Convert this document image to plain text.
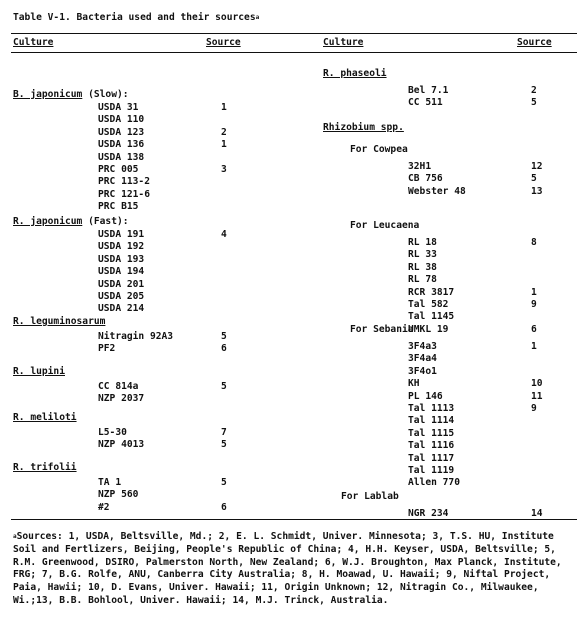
Table V-1. Bacteria used and their sources$^a$
Culture	Source	Culture	Source
B. japonicum (Slow):
USDA 31	1
USDA 110
USDA 123	2
USDA 136	1
USDA 138
PRC 005	3
PRC 113-2
PRC 121-6
PRC B15
R. japonicum (Fast):
USDA 191	4
USDA 192
USDA 193
USDA 194
USDA 201
USDA 205
USDA 214
R. leguminosarum
Nitragin 92A3	5
PF2	6
R. lupini
CC 814a	5
NZP 2037
R. meliloti
L5-30	7
NZP 4013	5
R. trifolii
TA 1	5
NZP 560
#2	6
R. phaseoli
Bel 7.1	2
CC 511	5
Rhizobium spp.
For Cowpea
32H1	12
CB 756	5
Webster 48	13
For Leucaena
RL 18	8
RL 33
RL 38
RL 78
RCR 3817	1
Tal 582	9
Tal 1145
UMKL 19	6
For Sebania
3F4a3	1
3F4a4
3F4o1
KH	10
PL 146	11
Tal 1113	9
Tal 1114
Tal 1115
Tal 1116
Tal 1117
Tal 1119
Allen 770
For Lablab
NGR 234	14
$^a$Sources: 1, USDA, Beltsville, Md.; 2, E. L. Schmidt, Univer. Minnesota; 3, T.S. HU, Institute Soil and Fertlizers, Beijing, People's Republic of China; 4, H.H. Keyser, USDA, Beltsville; 5, R.M. Greenwood, DSIRO, Palmerston North, New Zealand; 6, W.J. Broughton, Max Planck, Institute, FRG; 7, B.G. Rolfe, ANU, Canberra City Australia; 8, H. Moawad, U. Hawaii; 9, Niftal Project, Paia, Hawii; 10, D. Evans, Univer. Hawaii; 11, Origin Unknown; 12, Nitragin Co., Milwaukee, Wi.;13, B.B. Bohlool, Univer. Hawaii; 14, M.J. Trinck, Australia.
